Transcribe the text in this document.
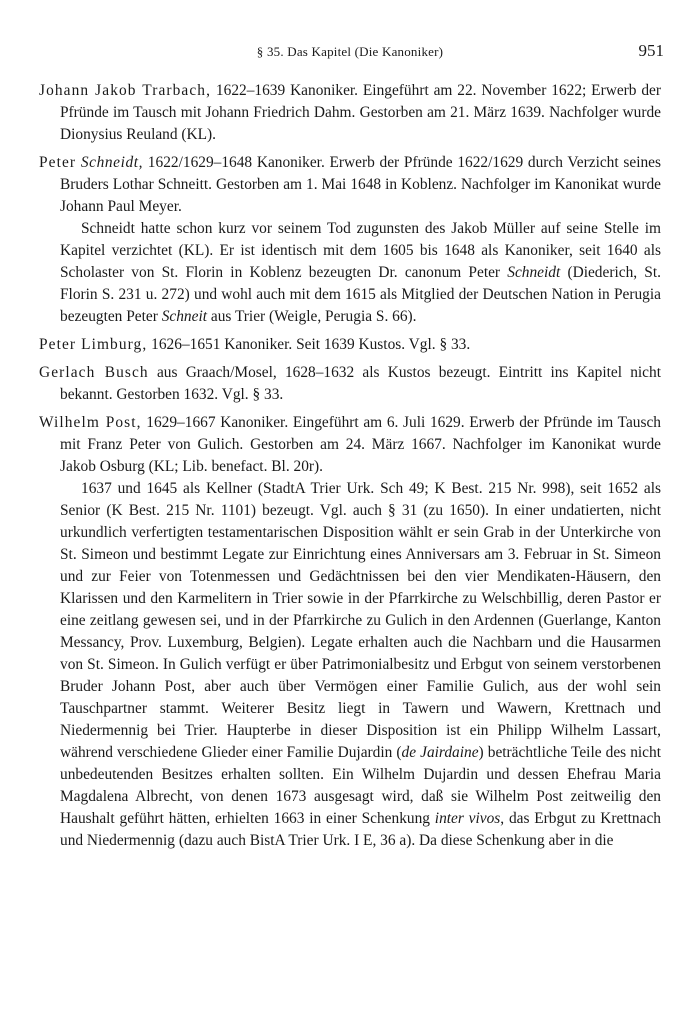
§ 35. Das Kapitel (Die Kanoniker)	951
Johann Jakob Trarbach, 1622–1639 Kanoniker. Eingeführt am 22. November 1622; Erwerb der Pfründe im Tausch mit Johann Friedrich Dahm. Gestorben am 21. März 1639. Nachfolger wurde Dionysius Reuland (KL).
Peter Schneidt, 1622/1629–1648 Kanoniker. Erwerb der Pfründe 1622/1629 durch Verzicht seines Bruders Lothar Schneitt. Gestorben am 1. Mai 1648 in Koblenz. Nachfolger im Kanonikat wurde Johann Paul Meyer.

Schneidt hatte schon kurz vor seinem Tod zugunsten des Jakob Müller auf seine Stelle im Kapitel verzichtet (KL). Er ist identisch mit dem 1605 bis 1648 als Kanoniker, seit 1640 als Scholaster von St. Florin in Koblenz bezeugten Dr. canonum Peter Schneidt (Diederich, St. Florin S. 231 u. 272) und wohl auch mit dem 1615 als Mitglied der Deutschen Nation in Perugia bezeugten Peter Schneit aus Trier (Weigle, Perugia S. 66).

Peter Limburg, 1626–1651 Kanoniker. Seit 1639 Kustos. Vgl. § 33.
Gerlach Busch aus Graach/Mosel, 1628–1632 als Kustos bezeugt. Eintritt ins Kapitel nicht bekannt. Gestorben 1632. Vgl. § 33.
Wilhelm Post, 1629–1667 Kanoniker. Eingeführt am 6. Juli 1629. Erwerb der Pfründe im Tausch mit Franz Peter von Gulich. Gestorben am 24. März 1667. Nachfolger im Kanonikat wurde Jakob Osburg (KL; Lib. benefact. Bl. 20r).

1637 und 1645 als Kellner (StadtA Trier Urk. Sch 49; K Best. 215 Nr. 998), seit 1652 als Senior (K Best. 215 Nr. 1101) bezeugt. Vgl. auch § 31 (zu 1650). In einer undatierten, nicht urkundlich verfertigten testamentarischen Disposition wählt er sein Grab in der Unterkirche von St. Simeon und bestimmt Legate zur Einrichtung eines Anniversars am 3. Februar in St. Simeon und zur Feier von Totenmessen und Gedächtnissen bei den vier Mendikaten-Häusern, den Klarissen und den Karmelitern in Trier sowie in der Pfarrkirche zu Welschbillig, deren Pastor er eine zeitlang gewesen sei, und in der Pfarrkirche zu Gulich in den Ardennen (Guerlange, Kanton Messancy, Prov. Luxemburg, Belgien). Legate erhalten auch die Nachbarn und die Hausarmen von St. Simeon. In Gulich verfügt er über Patrimonialbesitz und Erbgut von seinem verstorbenen Bruder Johann Post, aber auch über Vermögen einer Familie Gulich, aus der wohl sein Tauschpartner stammt. Weiterer Besitz liegt in Tawern und Wawern, Krettnach und Niedermennig bei Trier. Haupterbe in dieser Disposition ist ein Philipp Wilhelm Lassart, während verschiedene Glieder einer Familie Dujardin (de Jairdaine) beträchtliche Teile des nicht unbedeutenden Besitzes erhalten sollten. Ein Wilhelm Dujardin und dessen Ehefrau Maria Magdalena Albrecht, von denen 1673 ausgesagt wird, daß sie Wilhelm Post zeitweilig den Haushalt geführt hätten, erhielten 1663 in einer Schenkung inter vivos, das Erbgut zu Krettnach und Niedermennig (dazu auch BistA Trier Urk. I E, 36 a). Da diese Schenkung aber in die
